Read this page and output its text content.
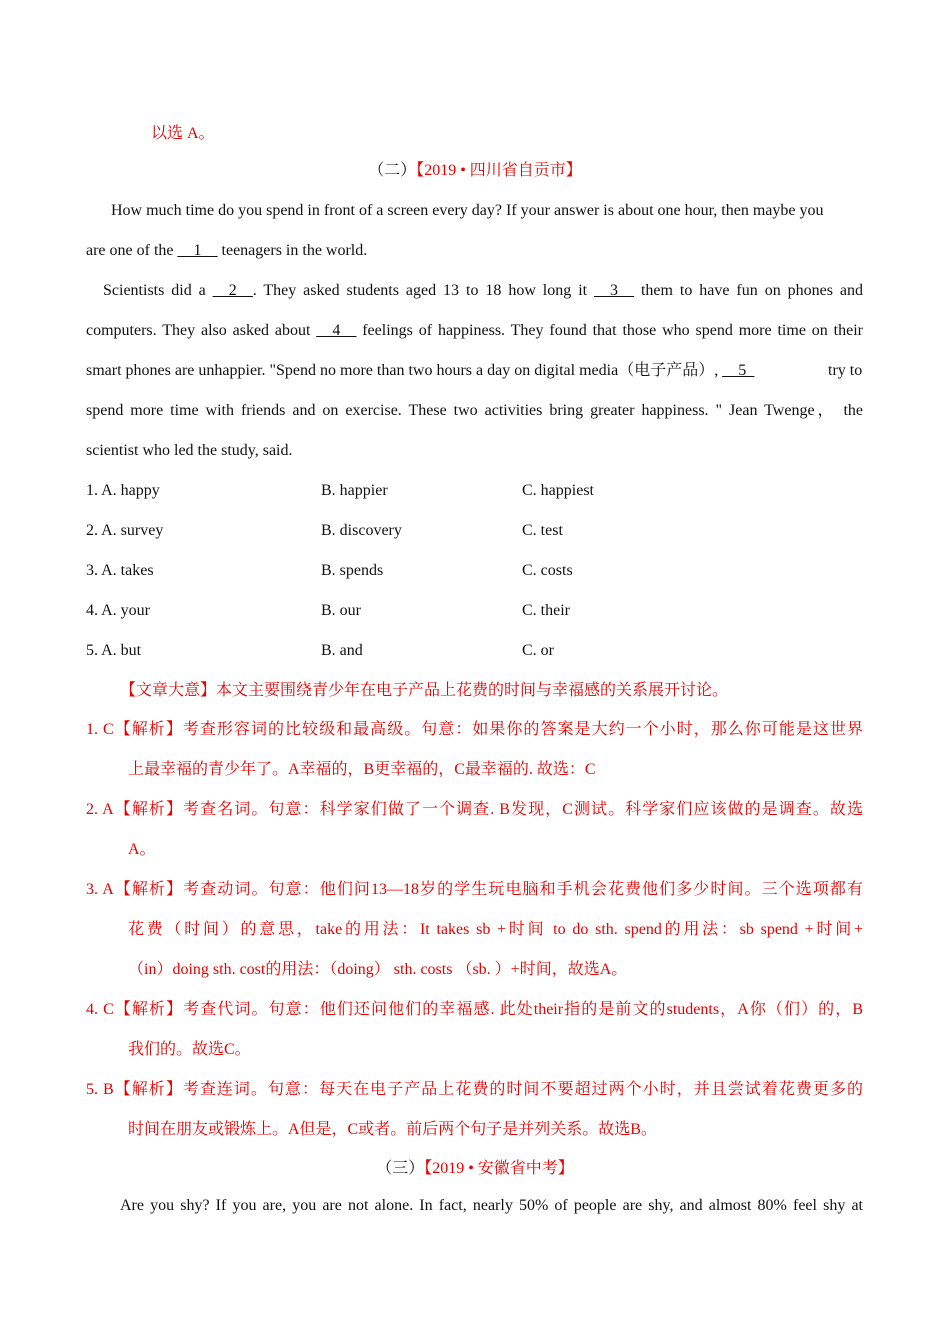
以选 A。
（二）【2019 • 四川省自贡市】
How much time do you spend in front of a screen every day? If your answer is about one hour, then maybe you
are one of the __1__ teenagers in the world.
Scientists did a __2__. They asked students aged 13 to 18 how long it __3__ them to have fun on phones and
computers. They also asked about __4__ feelings of happiness. They found that those who spend more time on their
smart phones are unhappier. "Spend no more than two hours a day on digital media（电子产品）, __5_	try to
spend more time with friends and on exercise. These two activities bring greater happiness. " Jean Twenge， the
scientist who led the study, said.
1. A. happy	B. happier	C. happiest
2. A. survey	B. discovery	C. test
3. A. takes	B. spends	C. costs
4. A. your	B. our	C. their
5. A. but	B. and	C. or
【文章大意】本文主要围绕青少年在电子产品上花费的时间与幸福感的关系展开讨论。
1. C【解析】考查形容词的比较级和最高级。句意：如果你的答案是大约一个小时，那么你可能是这世界
上最幸福的青少年了。A幸福的，B更幸福的，C最幸福的. 故选：C
2. A【解析】考查名词。句意：科学家们做了一个调查. B发现，C测试。科学家们应该做的是调查。故选
A。
3. A【解析】考查动词。句意：他们问13—18岁的学生玩电脑和手机会花费他们多少时间。三个选项都有
花费（时间）的意思，take的用法：It takes sb +时间 to do sth. spend的用法：sb spend +时间+
（in）doing sth. cost的用法：（doing） sth. costs （sb. ）+时间，故选A。
4. C【解析】考查代词。句意：他们还问他们的幸福感. 此处their指的是前文的students，A你（们）的，B
我们的。故选C。
5. B【解析】考查连词。句意：每天在电子产品上花费的时间不要超过两个小时，并且尝试着花费更多的
时间在朋友或锻炼上。A但是，C或者。前后两个句子是并列关系。故选B。
（三）【2019 • 安徽省中考】
Are you shy? If you are, you are not alone. In fact, nearly 50% of people are shy, and almost 80% feel shy at
